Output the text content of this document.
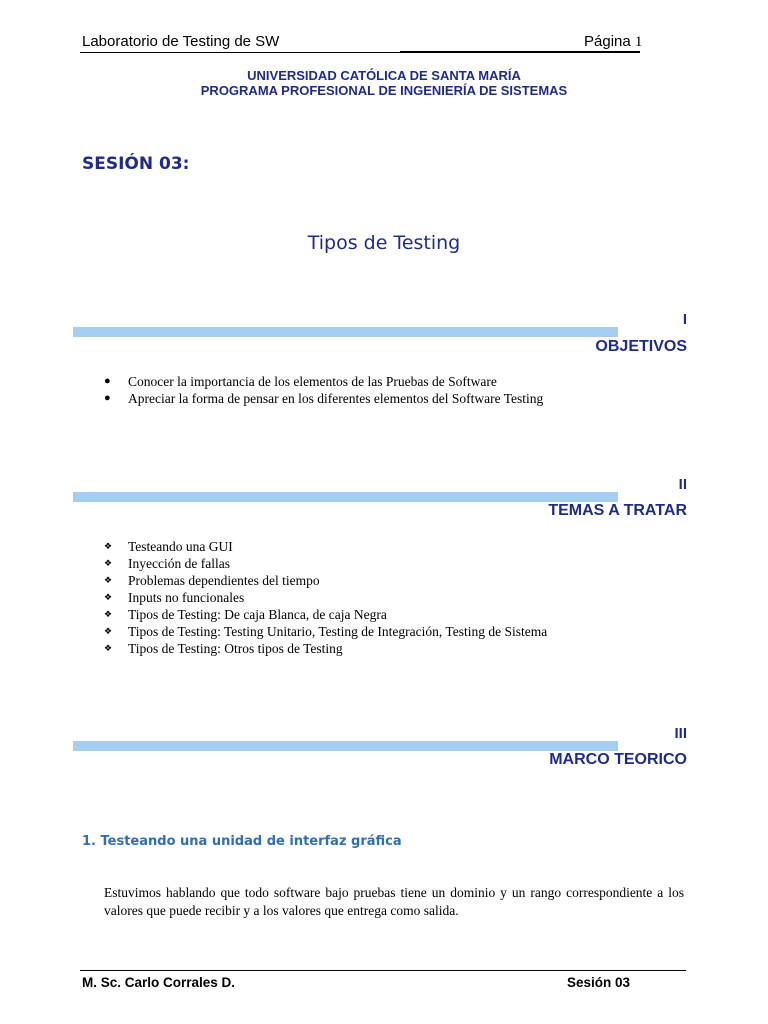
Laboratorio de Testing de SW	Página 1
UNIVERSIDAD CATÓLICA DE SANTA MARÍA
PROGRAMA PROFESIONAL DE INGENIERÍA DE SISTEMAS
SESIÓN 03:
Tipos de Testing
I
OBJETIVOS
●	Conocer la importancia de los elementos de las Pruebas de Software
●	Apreciar la forma de pensar en los diferentes elementos del Software Testing
II
TEMAS A TRATAR
❖	Testeando una GUI
❖	Inyección de fallas
❖	Problemas dependientes del tiempo
❖	Inputs no funcionales
❖	Tipos de Testing: De caja Blanca, de caja Negra
❖	Tipos de Testing: Testing Unitario, Testing de Integración, Testing de Sistema
❖	Tipos de Testing: Otros tipos de Testing
III
MARCO TEORICO
1. Testeando una unidad de interfaz gráfica
Estuvimos hablando que todo software bajo pruebas tiene un dominio y un rango correspondiente a los valores que puede recibir y a los valores que entrega como salida.
M. Sc. Carlo Corrales D.	Sesión 03
